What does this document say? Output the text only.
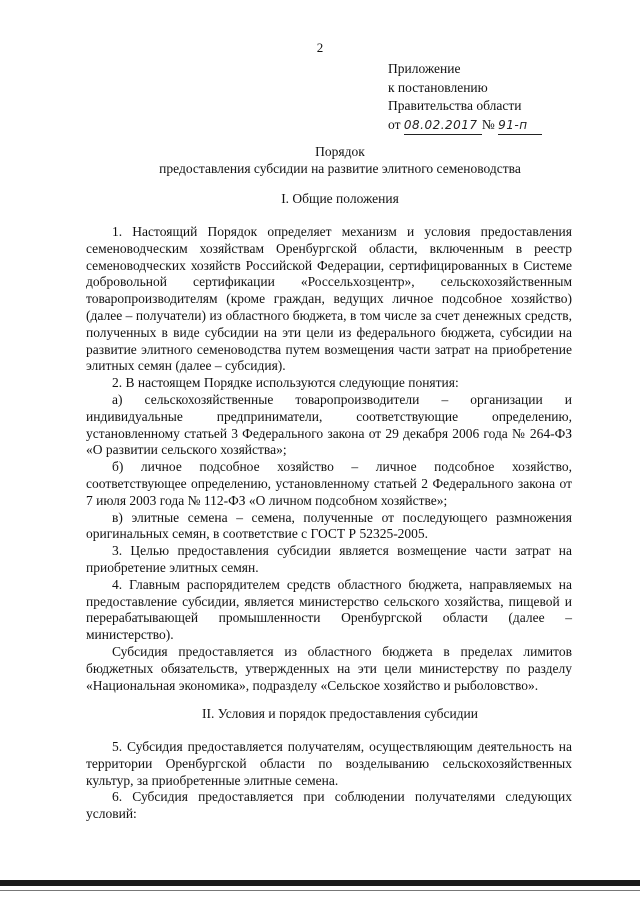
2
Приложение
к постановлению
Правительства области
от 08.02.2017 № 91-п
Порядок
предоставления субсидии на развитие элитного семеноводства
I. Общие положения

1. Настоящий Порядок определяет механизм и условия предоставления семеноводческим хозяйствам Оренбургской области, включенным в реестр семеноводческих хозяйств Российской Федерации, сертифицированных в Системе добровольной сертификации «Россельхозцентр», сельскохозяйственным товаропроизводителям (кроме граждан, ведущих личное подсобное хозяйство) (далее – получатели) из областного бюджета, в том числе за счет денежных средств, полученных в виде субсидии на эти цели из федерального бюджета, субсидии на развитие элитного семеноводства путем возмещения части затрат на приобретение элитных семян (далее – субсидия).

2. В настоящем Порядке используются следующие понятия:

а) сельскохозяйственные товаропроизводители – организации и индивидуальные предприниматели, соответствующие определению, установленному статьей 3 Федерального закона от 29 декабря 2006 года № 264-ФЗ «О развитии сельского хозяйства»;

б) личное подсобное хозяйство – личное подсобное хозяйство, соответствующее определению, установленному статьей 2 Федерального закона от 7 июля 2003 года № 112-ФЗ «О личном подсобном хозяйстве»;

в) элитные семена – семена, полученные от последующего размножения оригинальных семян, в соответствие с ГОСТ Р 52325-2005.

3. Целью предоставления субсидии является возмещение части затрат на приобретение элитных семян.

4. Главным распорядителем средств областного бюджета, направляемых на предоставление субсидии, является министерство сельского хозяйства, пищевой и перерабатывающей промышленности Оренбургской области (далее – министерство).

Субсидия предоставляется из областного бюджета в пределах лимитов бюджетных обязательств, утвержденных на эти цели министерству по разделу «Национальная экономика», подразделу «Сельское хозяйство и рыболовство».

II. Условия и порядок предоставления субсидии

5. Субсидия предоставляется получателям, осуществляющим деятельность на территории Оренбургской области по возделыванию сельскохозяйственных культур, за приобретенные элитные семена.

6. Субсидия предоставляется при соблюдении получателями следующих условий:
